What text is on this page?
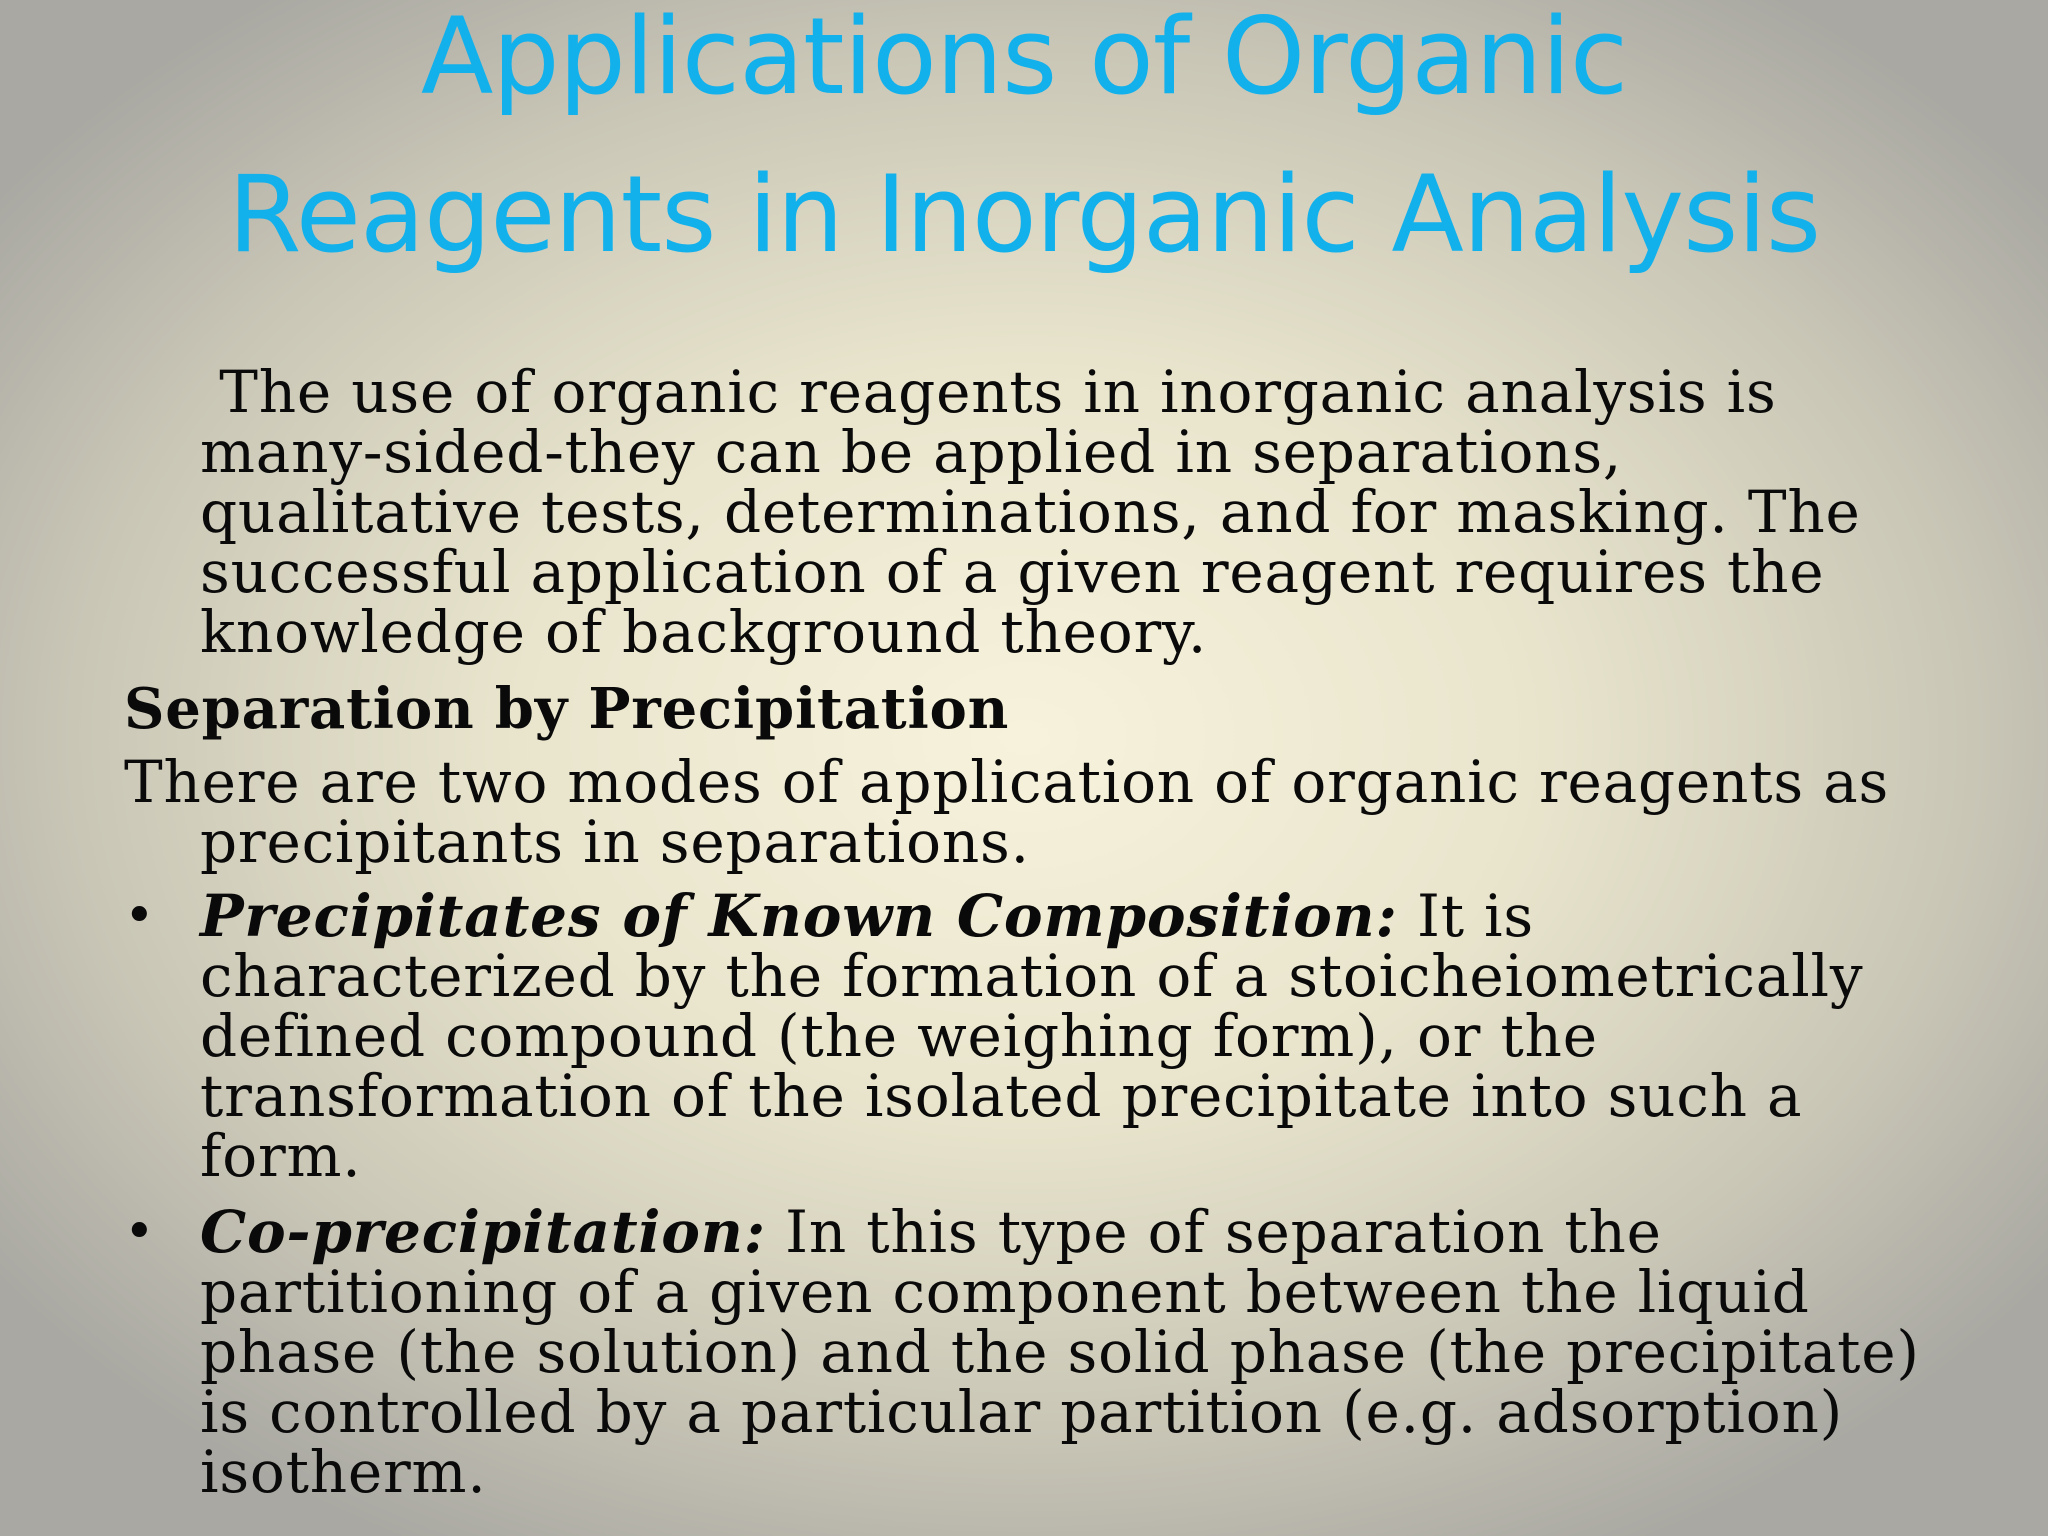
Applications of Organic
Reagents in Inorganic Analysis
The use of organic reagents in inorganic analysis is
many-sided-they can be applied in separations,
qualitative tests, determinations, and for masking. The
successful application of a given reagent requires the
knowledge of background theory.
Separation by Precipitation
There are two modes of application of organic reagents as
precipitants in separations.
• Precipitates of Known Composition: It is
characterized by the formation of a stoicheiometrically
defined compound (the weighing form), or the
transformation of the isolated precipitate into such a
form.
• Co-precipitation: In this type of separation the
partitioning of a given component between the liquid
phase (the solution) and the solid phase (the precipitate)
is controlled by a particular partition (e.g. adsorption)
isotherm.
